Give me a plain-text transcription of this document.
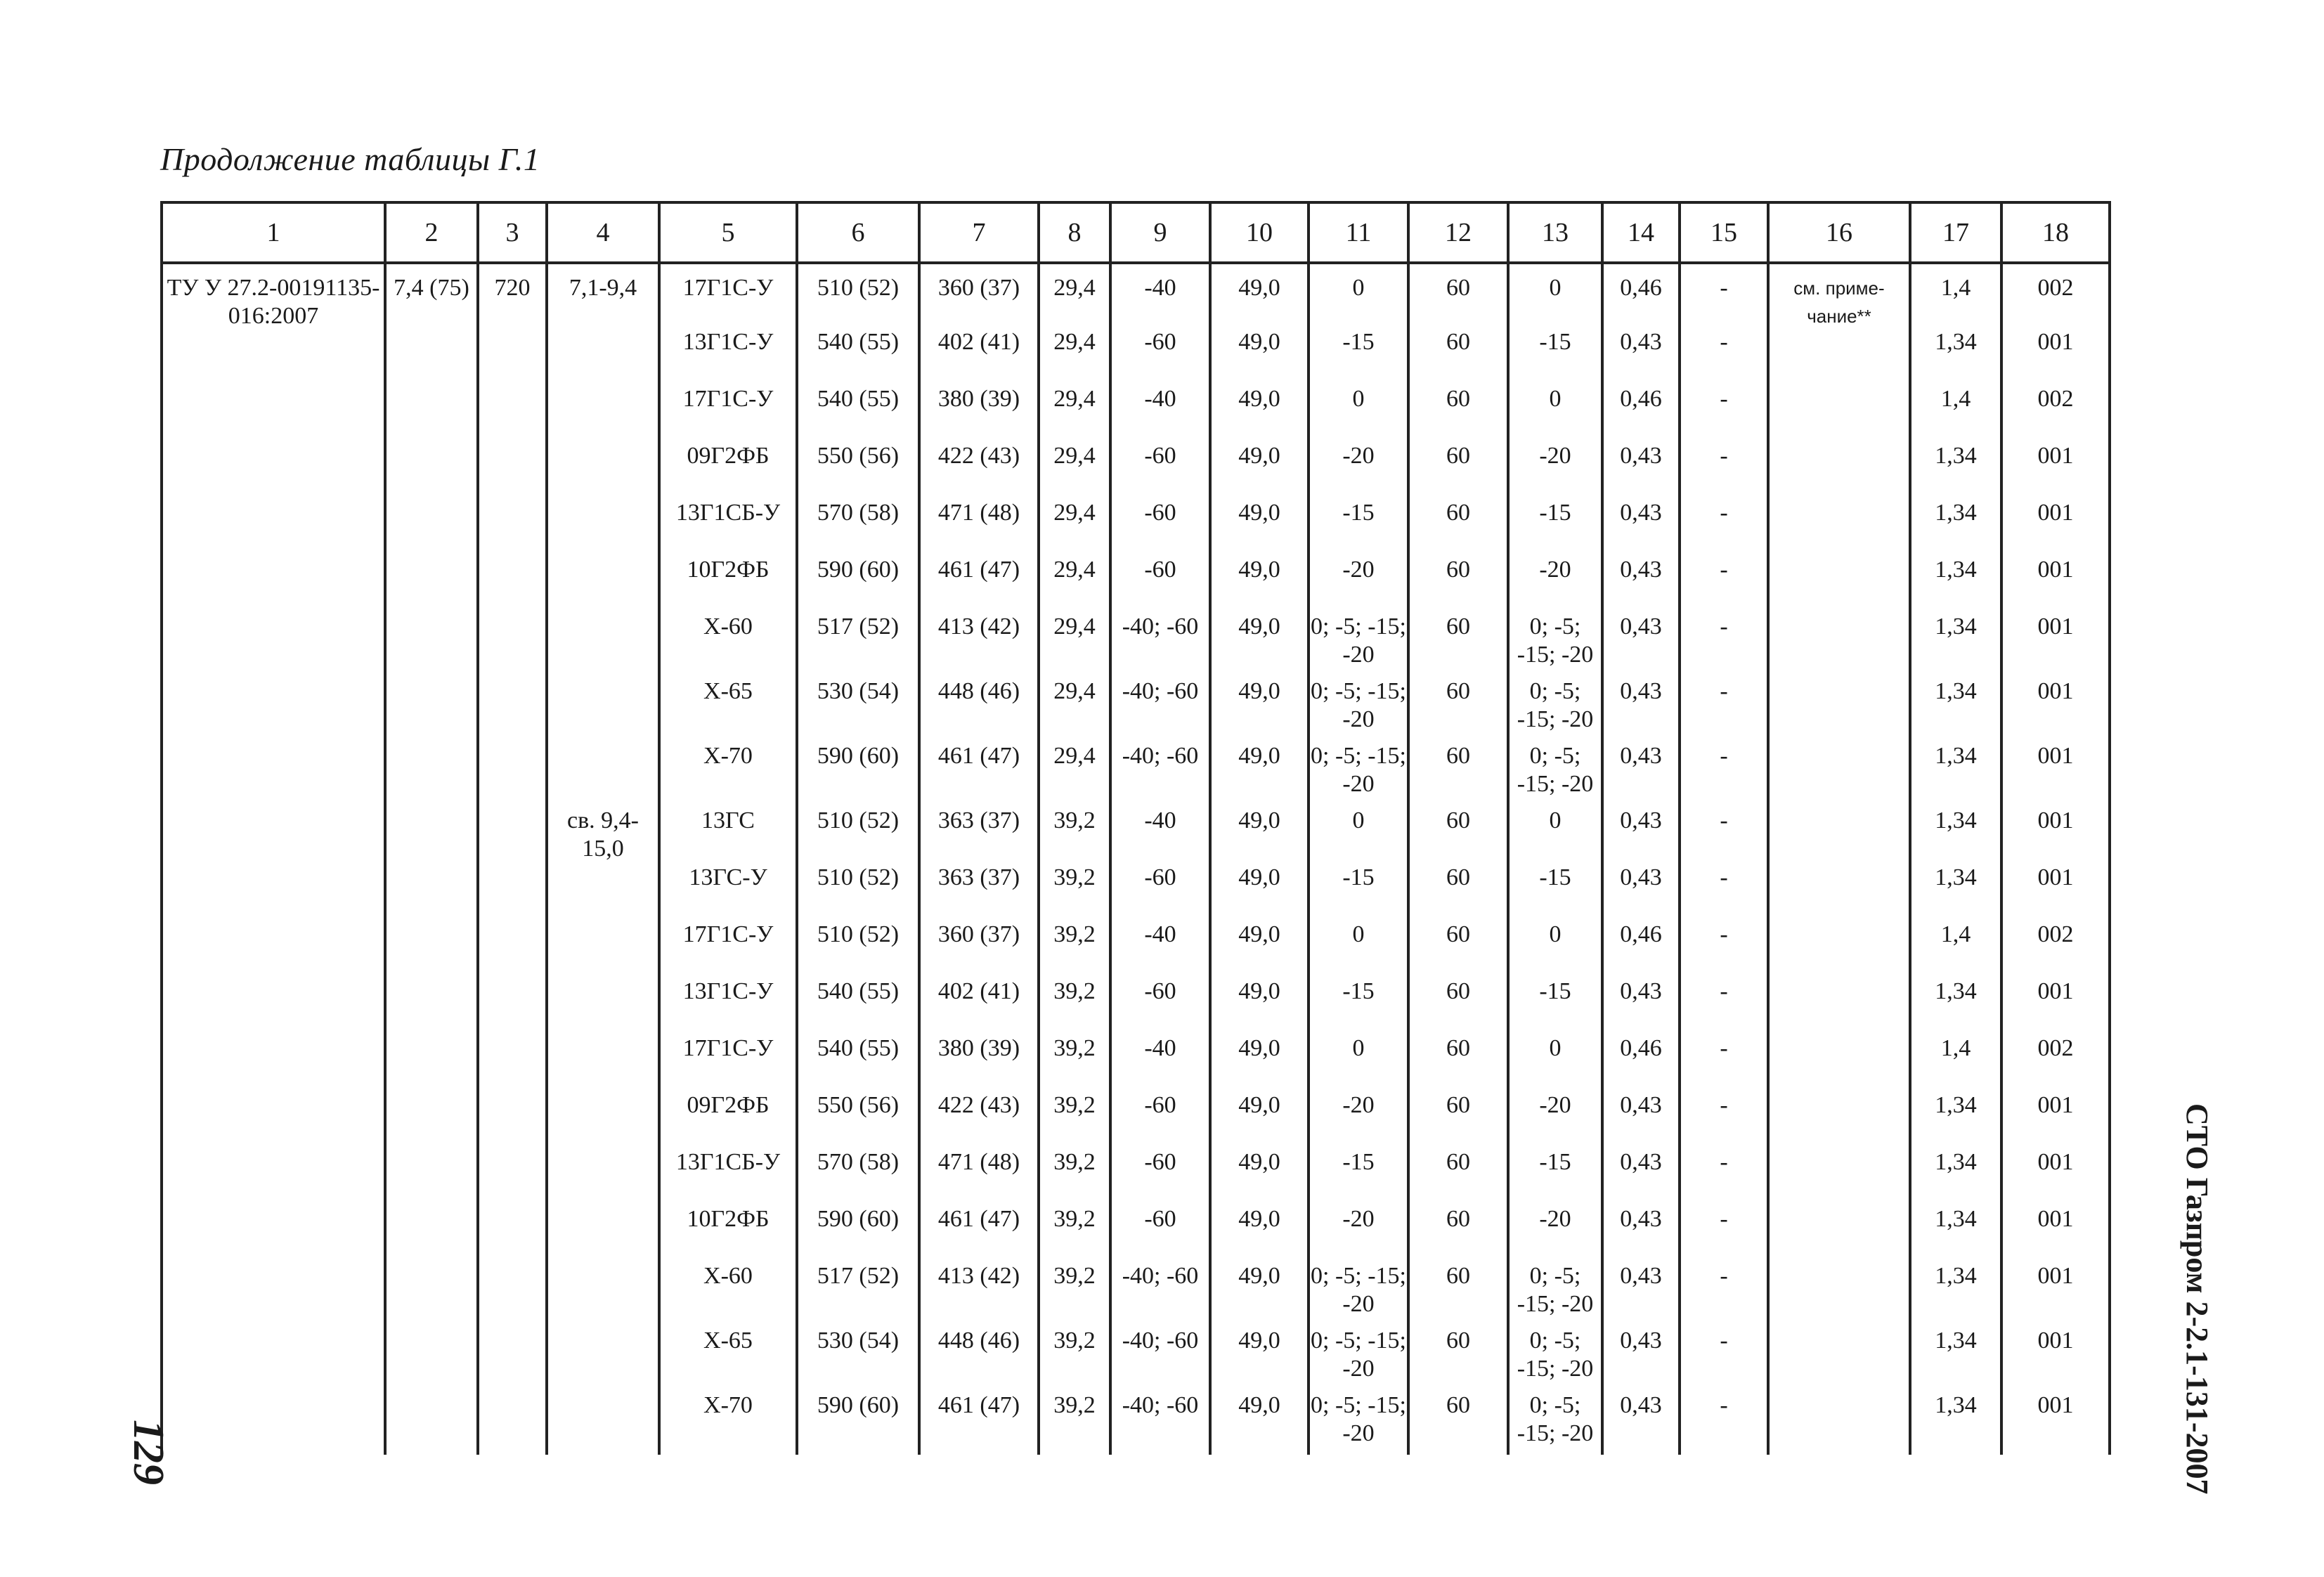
Продолжение таблицы Г.1
1	2	3	4	5	6	7	8	9	10	11	12	13	14	15	16	17	18
ТУ У 27.2-00191135-016:2007	7,4 (75)	720	7,1-9,4	17Г1С-У	510 (52)	360 (37)	29,4	-40	49,0	0	60	0	0,46	-	см. приме-чание**	1,4	002
				13Г1С-У	540 (55)	402 (41)	29,4	-60	49,0	-15	60	-15	0,43	-		1,34	001
				17Г1С-У	540 (55)	380 (39)	29,4	-40	49,0	0	60	0	0,46	-		1,4	002
				09Г2ФБ	550 (56)	422 (43)	29,4	-60	49,0	-20	60	-20	0,43	-		1,34	001
				13Г1СБ-У	570 (58)	471 (48)	29,4	-60	49,0	-15	60	-15	0,43	-		1,34	001
				10Г2ФБ	590 (60)	461 (47)	29,4	-60	49,0	-20	60	-20	0,43	-		1,34	001
				X-60	517 (52)	413 (42)	29,4	-40; -60	49,0	0; -5; -15; -20	60	0; -5; -15; -20	0,43	-		1,34	001
				X-65	530 (54)	448 (46)	29,4	-40; -60	49,0	0; -5; -15; -20	60	0; -5; -15; -20	0,43	-		1,34	001
				X-70	590 (60)	461 (47)	29,4	-40; -60	49,0	0; -5; -15; -20	60	0; -5; -15; -20	0,43	-		1,34	001
			св. 9,4-15,0	13ГС	510 (52)	363 (37)	39,2	-40	49,0	0	60	0	0,43	-		1,34	001
				13ГС-У	510 (52)	363 (37)	39,2	-60	49,0	-15	60	-15	0,43	-		1,34	001
				17Г1С-У	510 (52)	360 (37)	39,2	-40	49,0	0	60	0	0,46	-		1,4	002
				13Г1С-У	540 (55)	402 (41)	39,2	-60	49,0	-15	60	-15	0,43	-		1,34	001
				17Г1С-У	540 (55)	380 (39)	39,2	-40	49,0	0	60	0	0,46	-		1,4	002
				09Г2ФБ	550 (56)	422 (43)	39,2	-60	49,0	-20	60	-20	0,43	-		1,34	001
				13Г1СБ-У	570 (58)	471 (48)	39,2	-60	49,0	-15	60	-15	0,43	-		1,34	001
				10Г2ФБ	590 (60)	461 (47)	39,2	-60	49,0	-20	60	-20	0,43	-		1,34	001
				X-60	517 (52)	413 (42)	39,2	-40; -60	49,0	0; -5; -15; -20	60	0; -5; -15; -20	0,43	-		1,34	001
				X-65	530 (54)	448 (46)	39,2	-40; -60	49,0	0; -5; -15; -20	60	0; -5; -15; -20	0,43	-		1,34	001
				X-70	590 (60)	461 (47)	39,2	-40; -60	49,0	0; -5; -15; -20	60	0; -5; -15; -20	0,43	-		1,34	001	СТО Газпром 2-2.1-131-2007
129
